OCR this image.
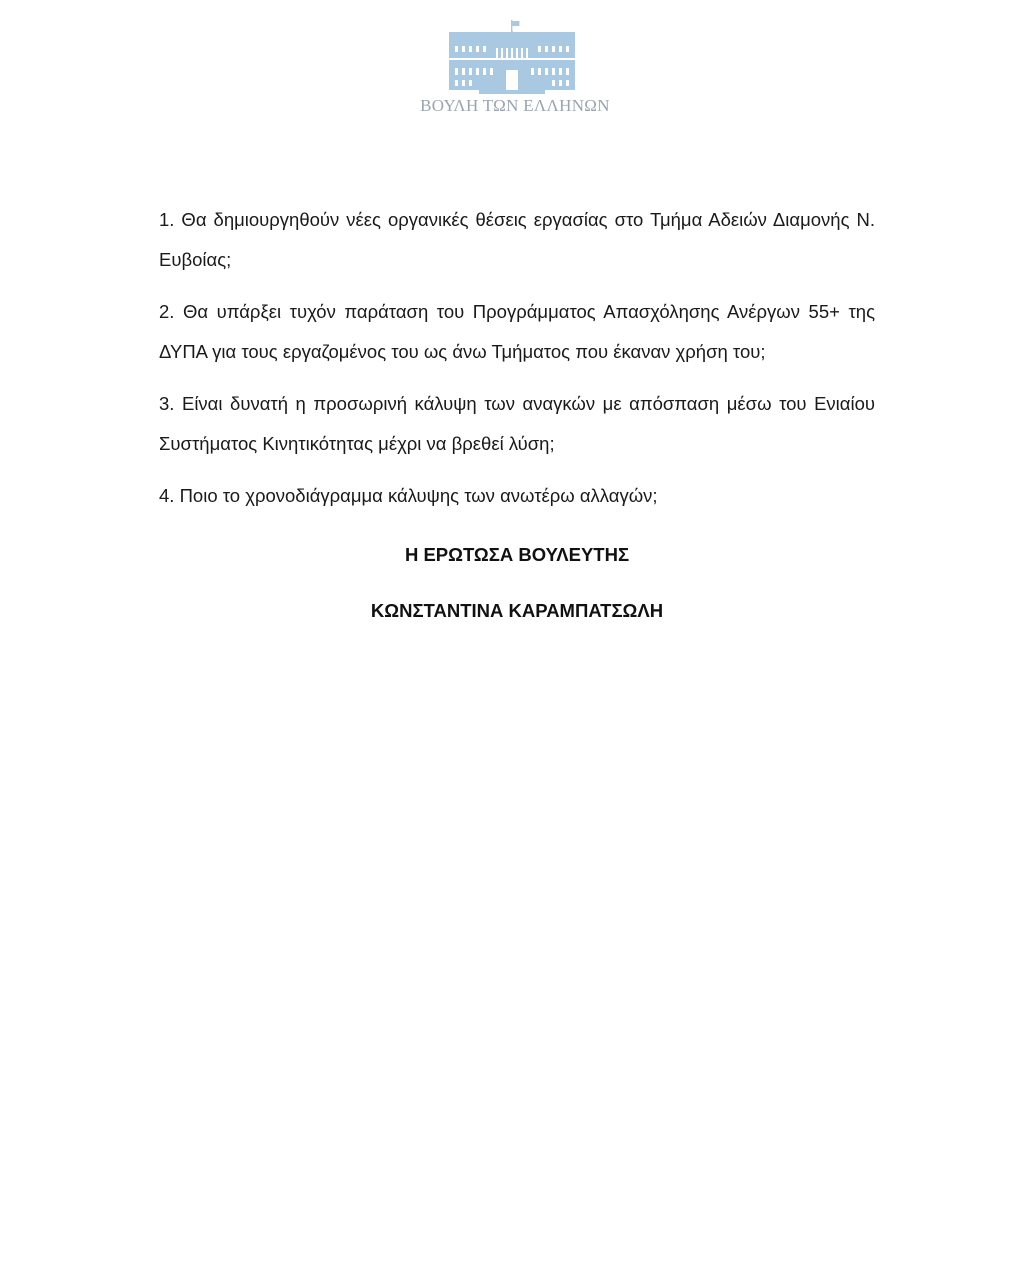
ΒΟΥΛΗ ΤΩΝ ΕΛΛΗΝΩΝ

1. Θα δημιουργηθούν νέες οργανικές θέσεις εργασίας στο Τμήμα Αδειών Διαμονής Ν. Ευβοίας;

2. Θα υπάρξει τυχόν παράταση του Προγράμματος Απασχόλησης Ανέργων 55+ της ΔΥΠΑ για τους εργαζομένος του ως άνω Τμήματος που έκαναν χρήση του;

3. Είναι δυνατή η προσωρινή κάλυψη των αναγκών με απόσπαση μέσω του Ενιαίου Συστήματος Κινητικότητας μέχρι να βρεθεί λύση;

4. Ποιο το χρονοδιάγραμμα κάλυψης των ανωτέρω αλλαγών;

Η ΕΡΩΤΩΣΑ ΒΟΥΛΕΥΤΗΣ
ΚΩΝΣΤΑΝΤΙΝΑ ΚΑΡΑΜΠΑΤΣΩΛΗ
